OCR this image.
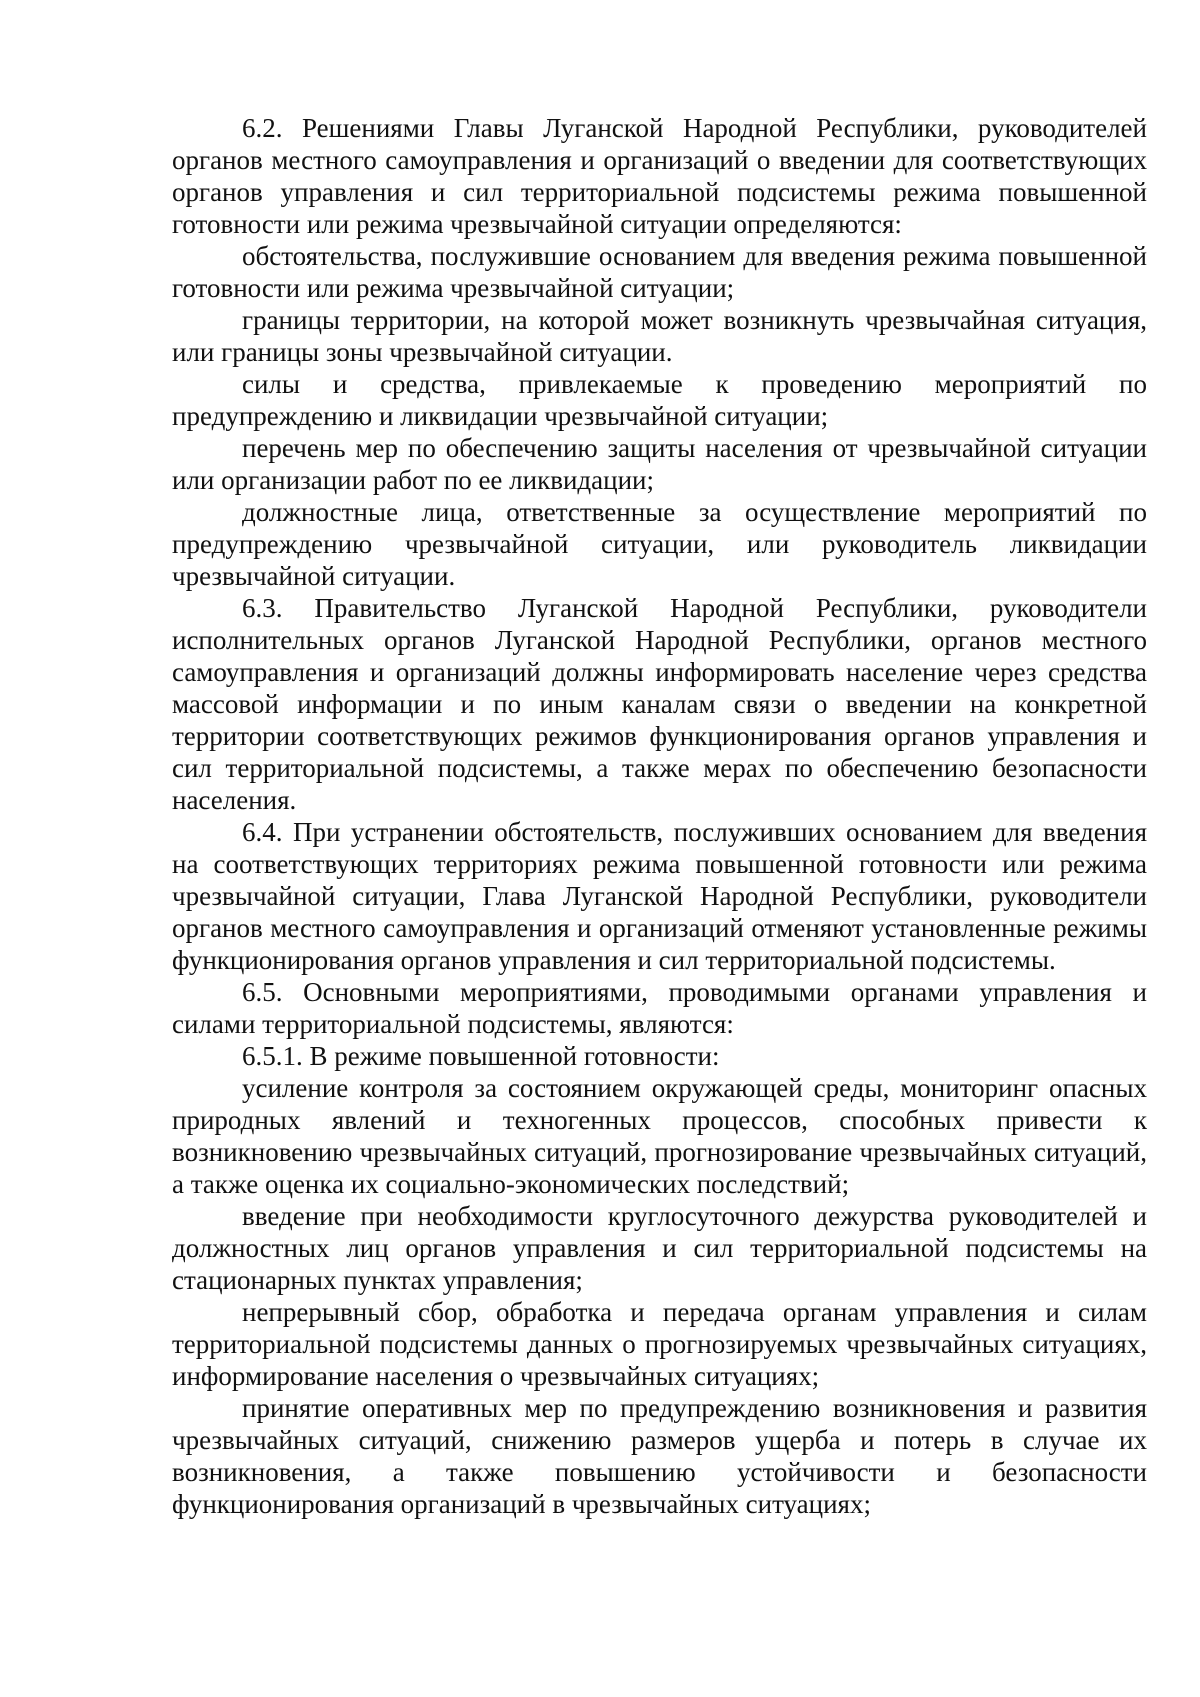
6.2. Решениями Главы Луганской Народной Республики, руководителей органов местного самоуправления и организаций о введении для соответствующих органов управления и сил территориальной подсистемы режима повышенной готовности или режима чрезвычайной ситуации определяются:

обстоятельства, послужившие основанием для введения режима повышенной готовности или режима чрезвычайной ситуации;

границы территории, на которой может возникнуть чрезвычайная ситуация, или границы зоны чрезвычайной ситуации.

силы и средства, привлекаемые к проведению мероприятий по предупреждению и ликвидации чрезвычайной ситуации;

перечень мер по обеспечению защиты населения от чрезвычайной ситуации или организации работ по ее ликвидации;

должностные лица, ответственные за осуществление мероприятий по предупреждению чрезвычайной ситуации, или руководитель ликвидации чрезвычайной ситуации.

6.3. Правительство Луганской Народной Республики, руководители исполнительных органов Луганской Народной Республики, органов местного самоуправления и организаций должны информировать население через средства массовой информации и по иным каналам связи о введении на конкретной территории соответствующих режимов функционирования органов управления и сил территориальной подсистемы, а также мерах по обеспечению безопасности населения.

6.4. При устранении обстоятельств, послуживших основанием для введения на соответствующих территориях режима повышенной готовности или режима чрезвычайной ситуации, Глава Луганской Народной Республики, руководители органов местного самоуправления и организаций отменяют установленные режимы функционирования органов управления и сил территориальной подсистемы.

6.5. Основными мероприятиями, проводимыми органами управления и силами территориальной подсистемы, являются:

6.5.1. В режиме повышенной готовности:

усиление контроля за состоянием окружающей среды, мониторинг опасных природных явлений и техногенных процессов, способных привести к возникновению чрезвычайных ситуаций, прогнозирование чрезвычайных ситуаций, а также оценка их социально-экономических последствий;

введение при необходимости круглосуточного дежурства руководителей и должностных лиц органов управления и сил территориальной подсистемы на стационарных пунктах управления;

непрерывный сбор, обработка и передача органам управления и силам территориальной подсистемы данных о прогнозируемых чрезвычайных ситуациях, информирование населения о чрезвычайных ситуациях;

принятие оперативных мер по предупреждению возникновения и развития чрезвычайных ситуаций, снижению размеров ущерба и потерь в случае их возникновения, а также повышению устойчивости и безопасности функционирования организаций в чрезвычайных ситуациях;
